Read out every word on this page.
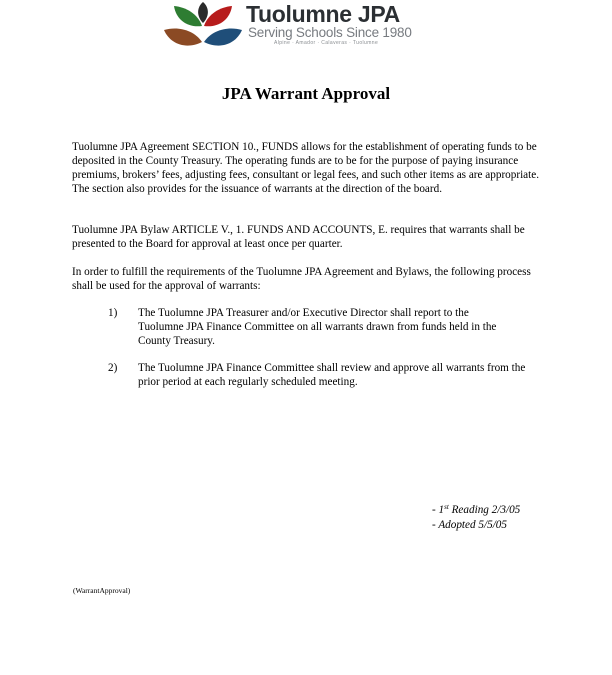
Tuolumne JPA
Serving Schools Since 1980
Alpine · Amador · Calaveras · Tuolumne
JPA Warrant Approval
Tuolumne JPA Agreement SECTION 10., FUNDS allows for the establishment of operating funds to be deposited in the County Treasury. The operating funds are to be for the purpose of paying insurance premiums, brokers’ fees, adjusting fees, consultant or legal fees, and such other items as are appropriate. The section also provides for the issuance of warrants at the direction of the board.
Tuolumne JPA Bylaw ARTICLE V., 1. FUNDS AND ACCOUNTS, E. requires that warrants shall be presented to the Board for approval at least once per quarter.
In order to fulfill the requirements of the Tuolumne JPA Agreement and Bylaws, the following process shall be used for the approval of warrants:
1) The Tuolumne JPA Treasurer and/or Executive Director shall report to the Tuolumne JPA Finance Committee on all warrants drawn from funds held in the County Treasury.
2) The Tuolumne JPA Finance Committee shall review and approve all warrants from the prior period at each regularly scheduled meeting.
- 1st Reading 2/3/05
- Adopted 5/5/05
(WarrantApproval)
